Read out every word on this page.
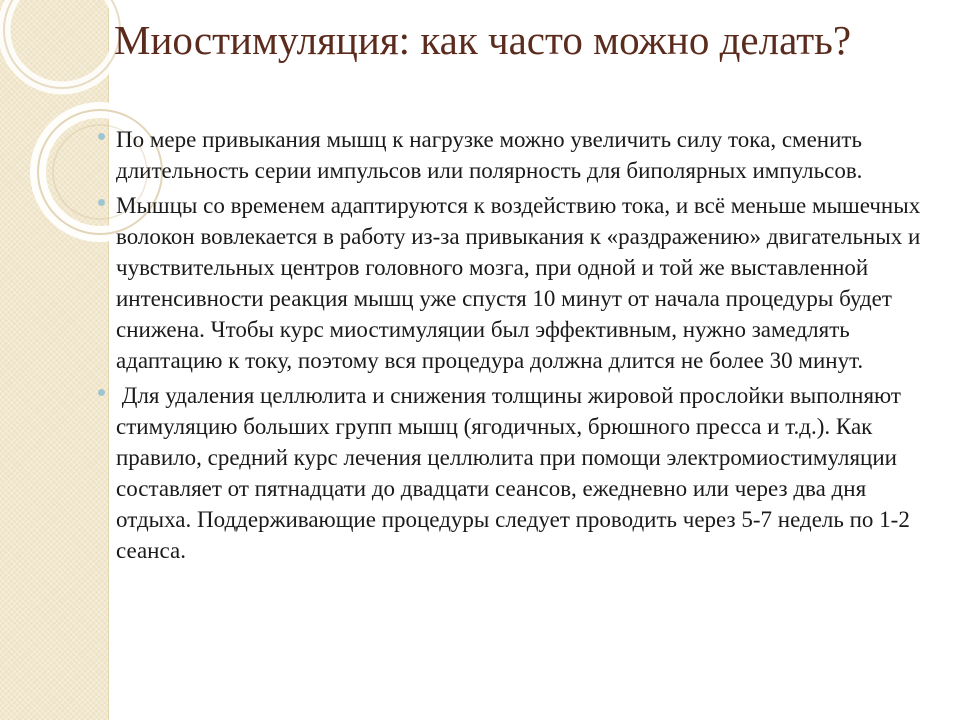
Миостимуляция: как часто можно делать?
По мере привыкания мышц к нагрузке можно увеличить силу тока, сменить длительность серии импульсов или полярность для биполярных импульсов.
Мышцы со временем адаптируются к воздействию тока, и всё меньше мышечных волокон вовлекается в работу из-за привыкания к «раздражению» двигательных и чувствительных центров головного мозга, при одной и той же выставленной интенсивности реакция мышц уже спустя 10 минут от начала процедуры будет снижена. Чтобы курс миостимуляции был эффективным, нужно замедлять адаптацию к току, поэтому вся процедура должна длится не более 30 минут.
Для удаления целлюлита и снижения толщины жировой прослойки выполняют стимуляцию больших групп мышц (ягодичных, брюшного пресса и т.д.). Как правило, средний курс лечения целлюлита при помощи электромиостимуляции составляет от пятнадцати до двадцати сеансов, ежедневно или через два дня отдыха. Поддерживающие процедуры следует проводить через 5-7 недель по 1-2 сеанса.
